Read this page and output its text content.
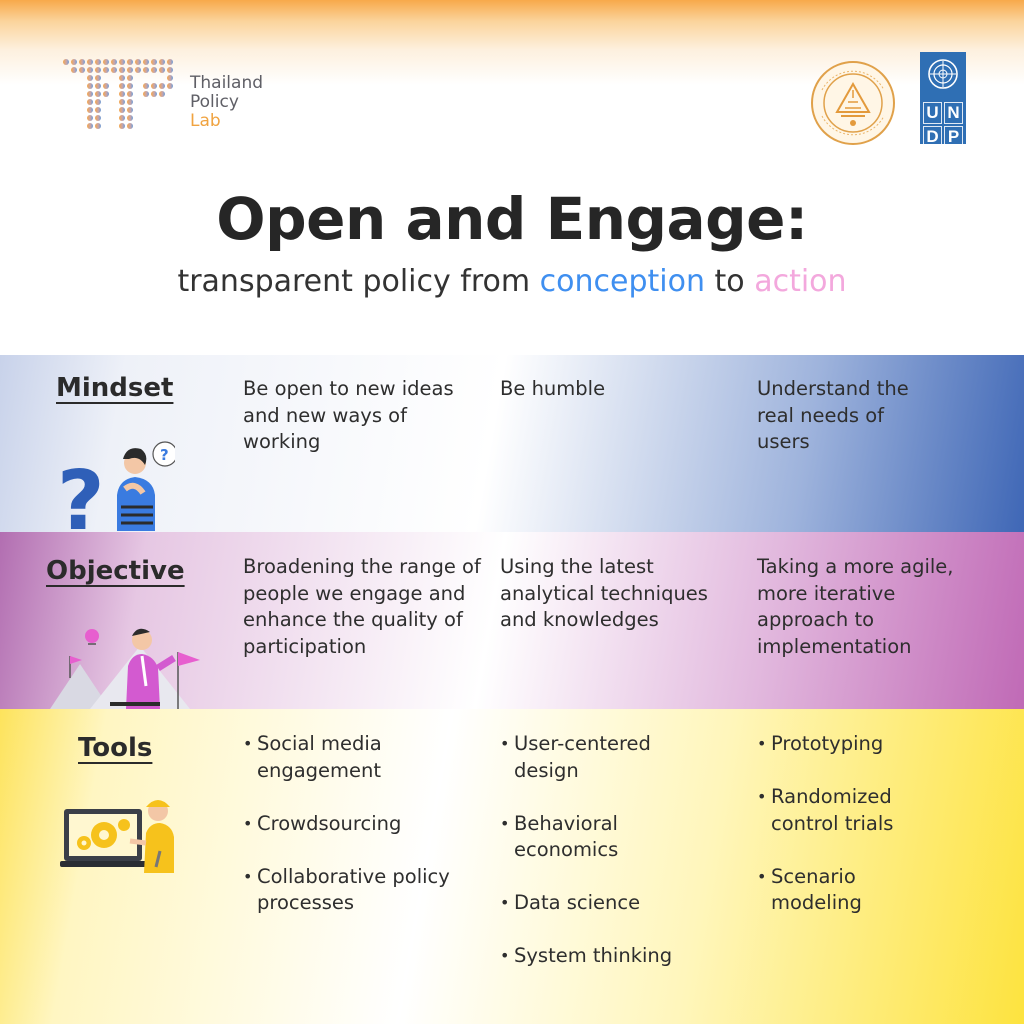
Thailand
Policy
Lab	U N
D P
Open and Engage:
transparent policy from conception to action
Mindset
?	?
Be open to new ideas and new ways of working
Be humble	Understand the real needs of users
Objective	Broadening the range of people we engage and enhance the quality of participation
Using the latest analytical techniques and knowledges
Taking a more agile, more iterative approach to implementation
Tools
•	Social media engagement
• Crowdsourcing
• Collaborative policy processes
• User-centered design
• Behavioral economics
• Data science
• System thinking
• Prototyping
• Randomized control trials
• Scenario modeling
